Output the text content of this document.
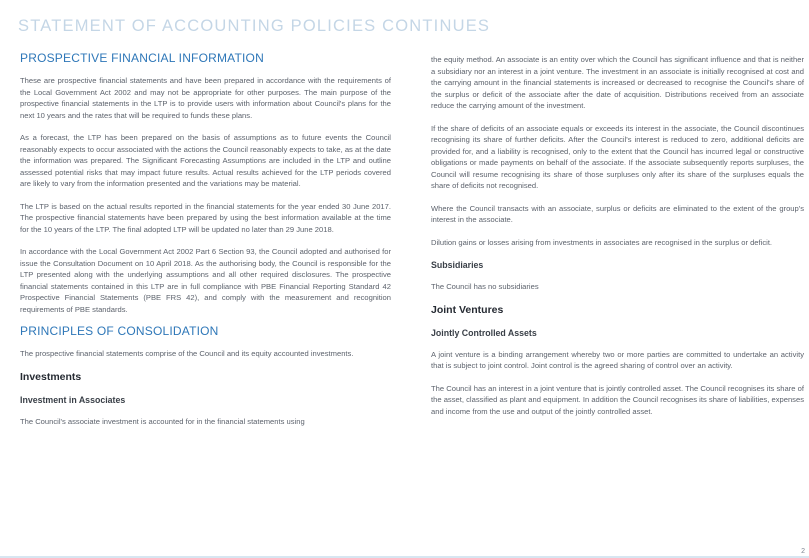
STATEMENT OF ACCOUNTING POLICIES CONTINUES
PROSPECTIVE FINANCIAL INFORMATION

These are prospective financial statements and have been prepared in accordance with the requirements of the Local Government Act 2002 and may not be appropriate for other purposes. The main purpose of the prospective financial statements in the LTP is to provide users with information about Council's plans for the next 10 years and the rates that will be required to funds these plans.

As a forecast, the LTP has been prepared on the basis of assumptions as to future events the Council reasonably expects to occur associated with the actions the Council reasonably expects to take, as at the date the information was prepared. The Significant Forecasting Assumptions are included in the LTP and outline assessed potential risks that may impact future results. Actual results achieved for the LTP periods covered are likely to vary from the information presented and the variations may be material.

The LTP is based on the actual results reported in the financial statements for the year ended 30 June 2017. The prospective financial statements have been prepared by using the best information available at the time for the 10 years of the LTP. The final adopted LTP will be updated no later than 29 June 2018.

In accordance with the Local Government Act 2002 Part 6 Section 93, the Council adopted and authorised for issue the Consultation Document on 10 April 2018. As the authorising body, the Council is responsible for the LTP presented along with the underlying assumptions and all other required disclosures. The prospective financial statements contained in this LTP are in full compliance with PBE Financial Reporting Standard 42 Prospective Financial Statements (PBE FRS 42), and comply with the measurement and recognition requirements of PBE standards.

PRINCIPLES OF CONSOLIDATION

The prospective financial statements comprise of the Council and its equity accounted investments.

Investments
Investment in Associates

The Council's associate investment is accounted for in the financial statements using

the equity method. An associate is an entity over which the Council has significant influence and that is neither a subsidiary nor an interest in a joint venture. The investment in an associate is initially recognised at cost and the carrying amount in the financial statements is increased or decreased to recognise the Council's share of the surplus or deficit of the associate after the date of acquisition. Distributions received from an associate reduce the carrying amount of the investment.

If the share of deficits of an associate equals or exceeds its interest in the associate, the Council discontinues recognising its share of further deficits. After the Council's interest is reduced to zero, additional deficits are provided for, and a liability is recognised, only to the extent that the Council has incurred legal or constructive obligations or made payments on behalf of the associate. If the associate subsequently reports surpluses, the Council will resume recognising its share of those surpluses only after its share of the surpluses equals the share of deficits not recognised.

Where the Council transacts with an associate, surplus or deficits are eliminated to the extent of the group's interest in the associate.

Dilution gains or losses arising from investments in associates are recognised in the surplus or deficit.

Subsidiaries

The Council has no subsidiaries

Joint Ventures
Jointly Controlled Assets

A joint venture is a binding arrangement whereby two or more parties are committed to undertake an activity that is subject to joint control. Joint control is the agreed sharing of control over an activity.

The Council has an interest in a joint venture that is jointly controlled asset. The Council recognises its share of the asset, classified as plant and equipment. In addition the Council recognises its share of liabilities, expenses and income from the use and output of the jointly controlled asset.

2
